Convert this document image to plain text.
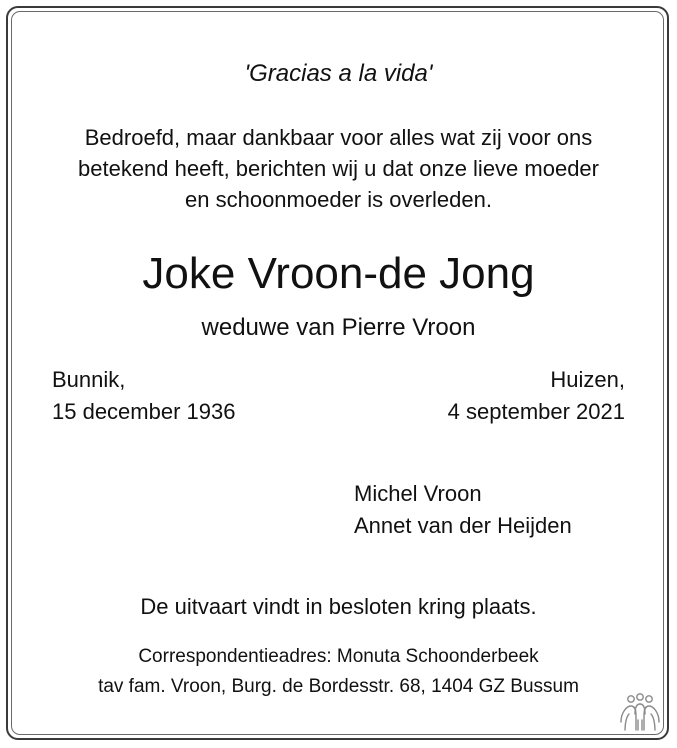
'Gracias a la vida'
Bedroefd, maar dankbaar voor alles wat zij voor ons
betekend heeft, berichten wij u dat onze lieve moeder
en schoonmoeder is overleden.
Joke Vroon-de Jong
weduwe van Pierre Vroon
Bunnik,
15 december 1936
Huizen,
4 september 2021
Michel Vroon
Annet van der Heijden
De uitvaart vindt in besloten kring plaats.
Correspondentieadres: Monuta Schoonderbeek
tav fam. Vroon, Burg. de Bordesstr. 68, 1404 GZ Bussum
